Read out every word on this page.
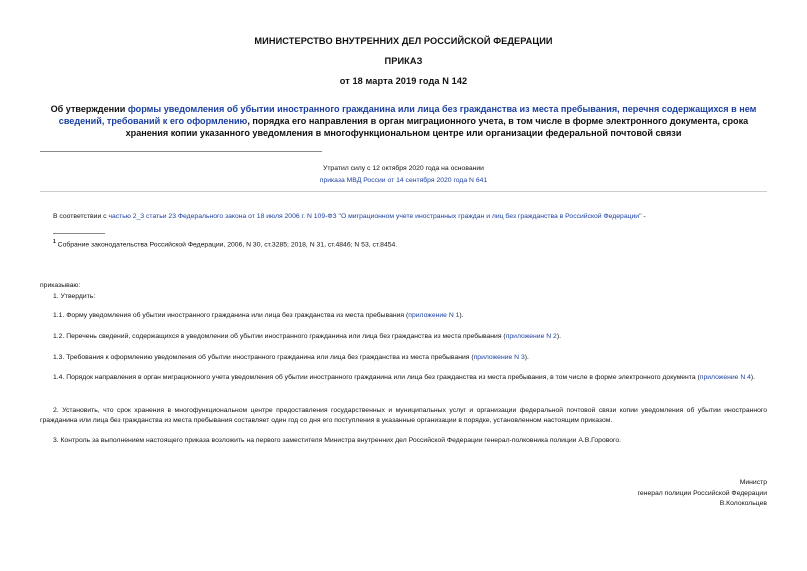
МИНИСТЕРСТВО ВНУТРЕННИХ ДЕЛ РОССИЙСКОЙ ФЕДЕРАЦИИ
ПРИКАЗ
от 18 марта 2019 года N 142
Об утверждении формы уведомления об убытии иностранного гражданина или лица без гражданства из места пребывания, перечня содержащихся в нем сведений, требований к его оформлению, порядка его направления в орган миграционного учета, в том числе в форме электронного документа, срока хранения копии указанного уведомления в многофункциональном центре или организации федеральной почтовой связи
Утратил силу с 12 октября 2020 года на основании
приказа МВД России от 14 сентября 2020 года N 641
В соответствии с частью 2_3 статьи 23 Федерального закона от 18 июля 2006 г. N 109-ФЗ "О миграционном учете иностранных граждан и лиц без гражданства в Российской Федерации" -
$^1$ Собрание законодательства Российской Федерации, 2006, N 30, ст.3285; 2018, N 31, ст.4846; N 53, ст.8454.
приказываю:
1. Утвердить:
1.1. Форму уведомления об убытии иностранного гражданина или лица без гражданства из места пребывания (приложение N 1).
1.2. Перечень сведений, содержащихся в уведомлении об убытии иностранного гражданина или лица без гражданства из места пребывания (приложение N 2).
1.3. Требования к оформлению уведомления об убытии иностранного гражданина или лица без гражданства из места пребывания (приложение N 3).
1.4. Порядок направления в орган миграционного учета уведомления об убытии иностранного гражданина или лица без гражданства из места пребывания, в том числе в форме электронного документа (приложение N 4).
2. Установить, что срок хранения в многофункциональном центре предоставления государственных и муниципальных услуг и организации федеральной почтовой связи копии уведомления об убытии иностранного гражданина или лица без гражданства из места пребывания составляет один год со дня его поступления в указанные организации в порядке, установленном настоящим приказом.
3. Контроль за выполнением настоящего приказа возложить на первого заместителя Министра внутренних дел Российской Федерации генерал-полковника полиции А.В.Горового.
Министр
генерал полиции Российской Федерации
В.Колокольцев
